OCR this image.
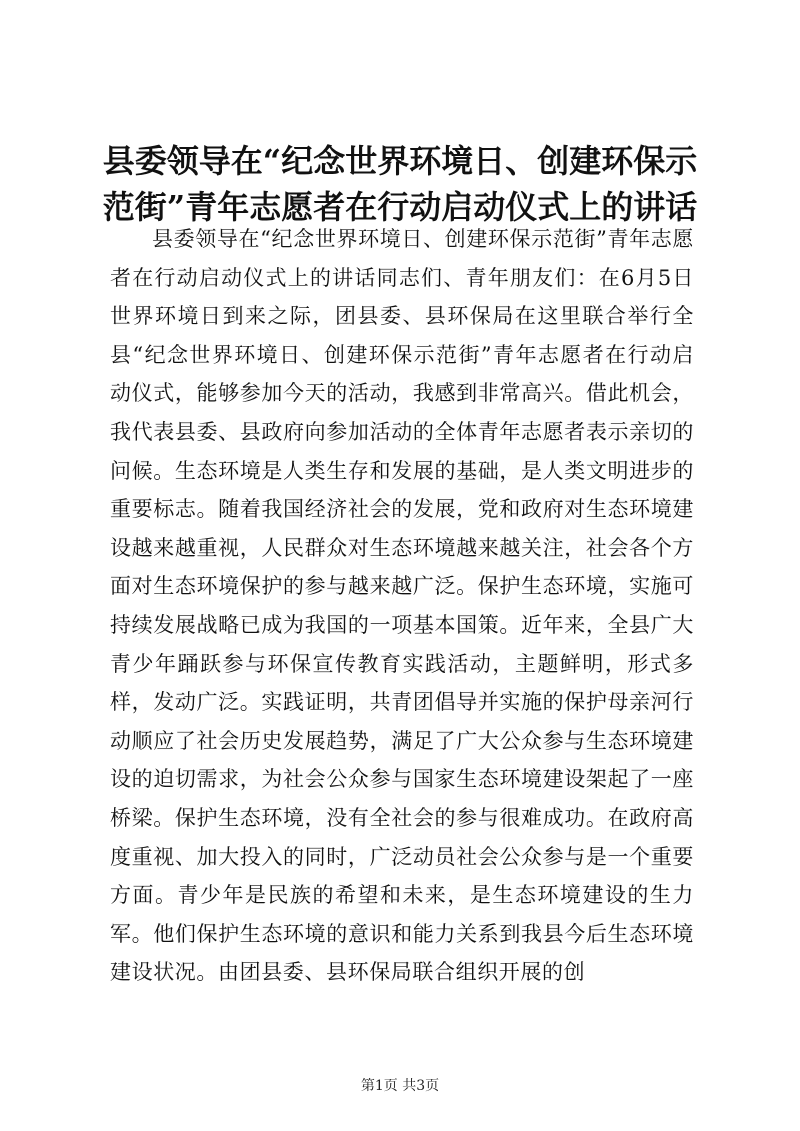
县委领导在“纪念世界环境日、创建环保示范街”青年志愿者在行动启动仪式上的讲话

县委领导在“纪念世界环境日、创建环保示范街”青年志愿者在行动启动仪式上的讲话同志们、青年朋友们：在6月5日世界环境日到来之际，团县委、县环保局在这里联合举行全县“纪念世界环境日、创建环保示范街”青年志愿者在行动启动仪式，能够参加今天的活动，我感到非常高兴。借此机会，我代表县委、县政府向参加活动的全体青年志愿者表示亲切的问候。生态环境是人类生存和发展的基础，是人类文明进步的重要标志。随着我国经济社会的发展，党和政府对生态环境建设越来越重视，人民群众对生态环境越来越关注，社会各个方面对生态环境保护的参与越来越广泛。保护生态环境，实施可持续发展战略已成为我国的一项基本国策。近年来，全县广大青少年踊跃参与环保宣传教育实践活动，主题鲜明，形式多样，发动广泛。实践证明，共青团倡导并实施的保护母亲河行动顺应了社会历史发展趋势，满足了广大公众参与生态环境建设的迫切需求，为社会公众参与国家生态环境建设架起了一座桥梁。保护生态环境，没有全社会的参与很难成功。在政府高度重视、加大投入的同时，广泛动员社会公众参与是一个重要方面。青少年是民族的希望和未来，是生态环境建设的生力军。他们保护生态环境的意识和能力关系到我县今后生态环境建设状况。由团县委、县环保局联合组织开展的创

第1页 共3页
